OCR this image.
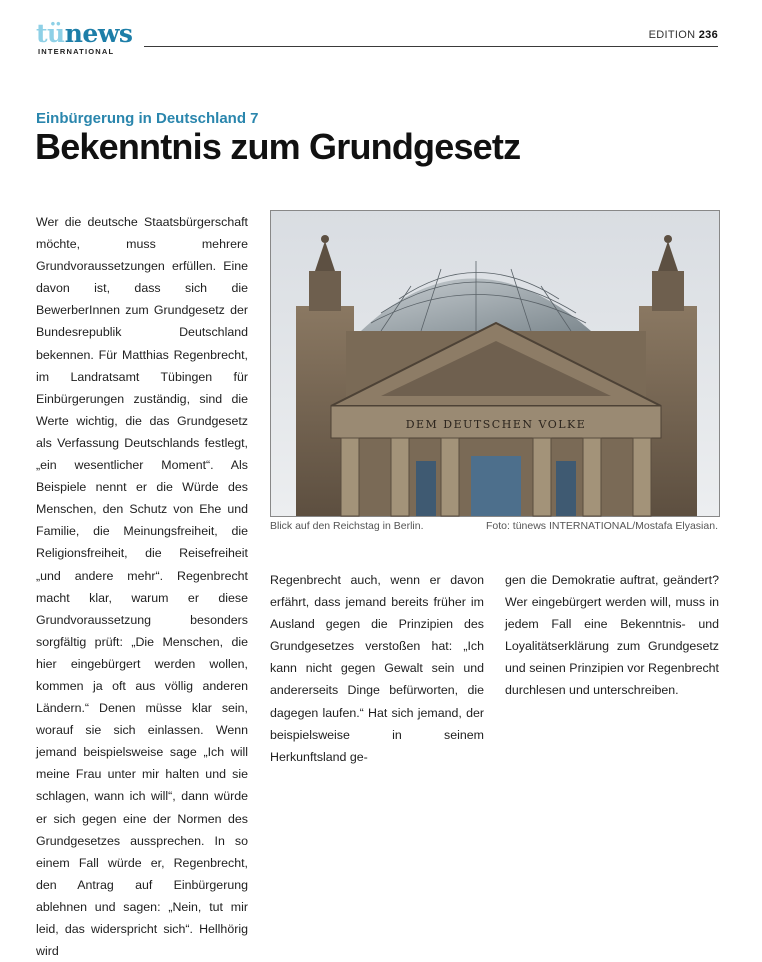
tünews
INTERNATIONAL
EDITION 236
Einbürgerung in Deutschland 7
Bekenntnis zum Grundgesetz
Wer die deutsche Staatsbürgerschaft möchte, muss mehrere Grundvoraussetzungen erfüllen. Eine davon ist, dass sich die BewerberInnen zum Grundgesetz der Bundesrepublik Deutschland bekennen. Für Matthias Regenbrecht, im Landratsamt Tübingen für Einbürgerungen zuständig, sind die Werte wichtig, die das Grundgesetz als Verfassung Deutschlands festlegt, „ein wesentlicher Moment“. Als Beispiele nennt er die Würde des Menschen, den Schutz von Ehe und Familie, die Meinungsfreiheit, die Religionsfreiheit, die Reisefreiheit „und andere mehr“. Regenbrecht macht klar, warum er diese Grundvoraussetzung besonders sorgfältig prüft: „Die Menschen, die hier eingebürgert werden wollen, kommen ja oft aus völlig anderen Ländern.“ Denen müsse klar sein, worauf sie sich einlassen. Wenn jemand beispielsweise sage „Ich will meine Frau unter mir halten und sie schlagen, wann ich will“, dann würde er sich gegen eine der Normen des Grundgesetzes aussprechen. In so einem Fall würde er, Regenbrecht, den Antrag auf Einbürgerung ablehnen und sagen: „Nein, tut mir leid, das widerspricht sich“. Hellhörig wird
DEM DEUTSCHEN VOLKE
Blick auf den Reichstag in Berlin.	Foto: tünews INTERNATIONAL/Mostafa Elyasian.
Regenbrecht auch, wenn er davon erfährt, dass jemand bereits früher im Ausland gegen die Prinzipien des Grundgesetzes verstoßen hat: „Ich kann nicht gegen Gewalt sein und andererseits Dinge befürworten, die dagegen laufen.“ Hat sich jemand, der beispielsweise in seinem Herkunftsland ge-
gen die Demokratie auftrat, geändert? Wer eingebürgert werden will, muss in jedem Fall eine Bekenntnis- und Loyalitätserklärung zum Grundgesetz und seinen Prinzipien vor Regenbrecht durchlesen und unterschreiben.
